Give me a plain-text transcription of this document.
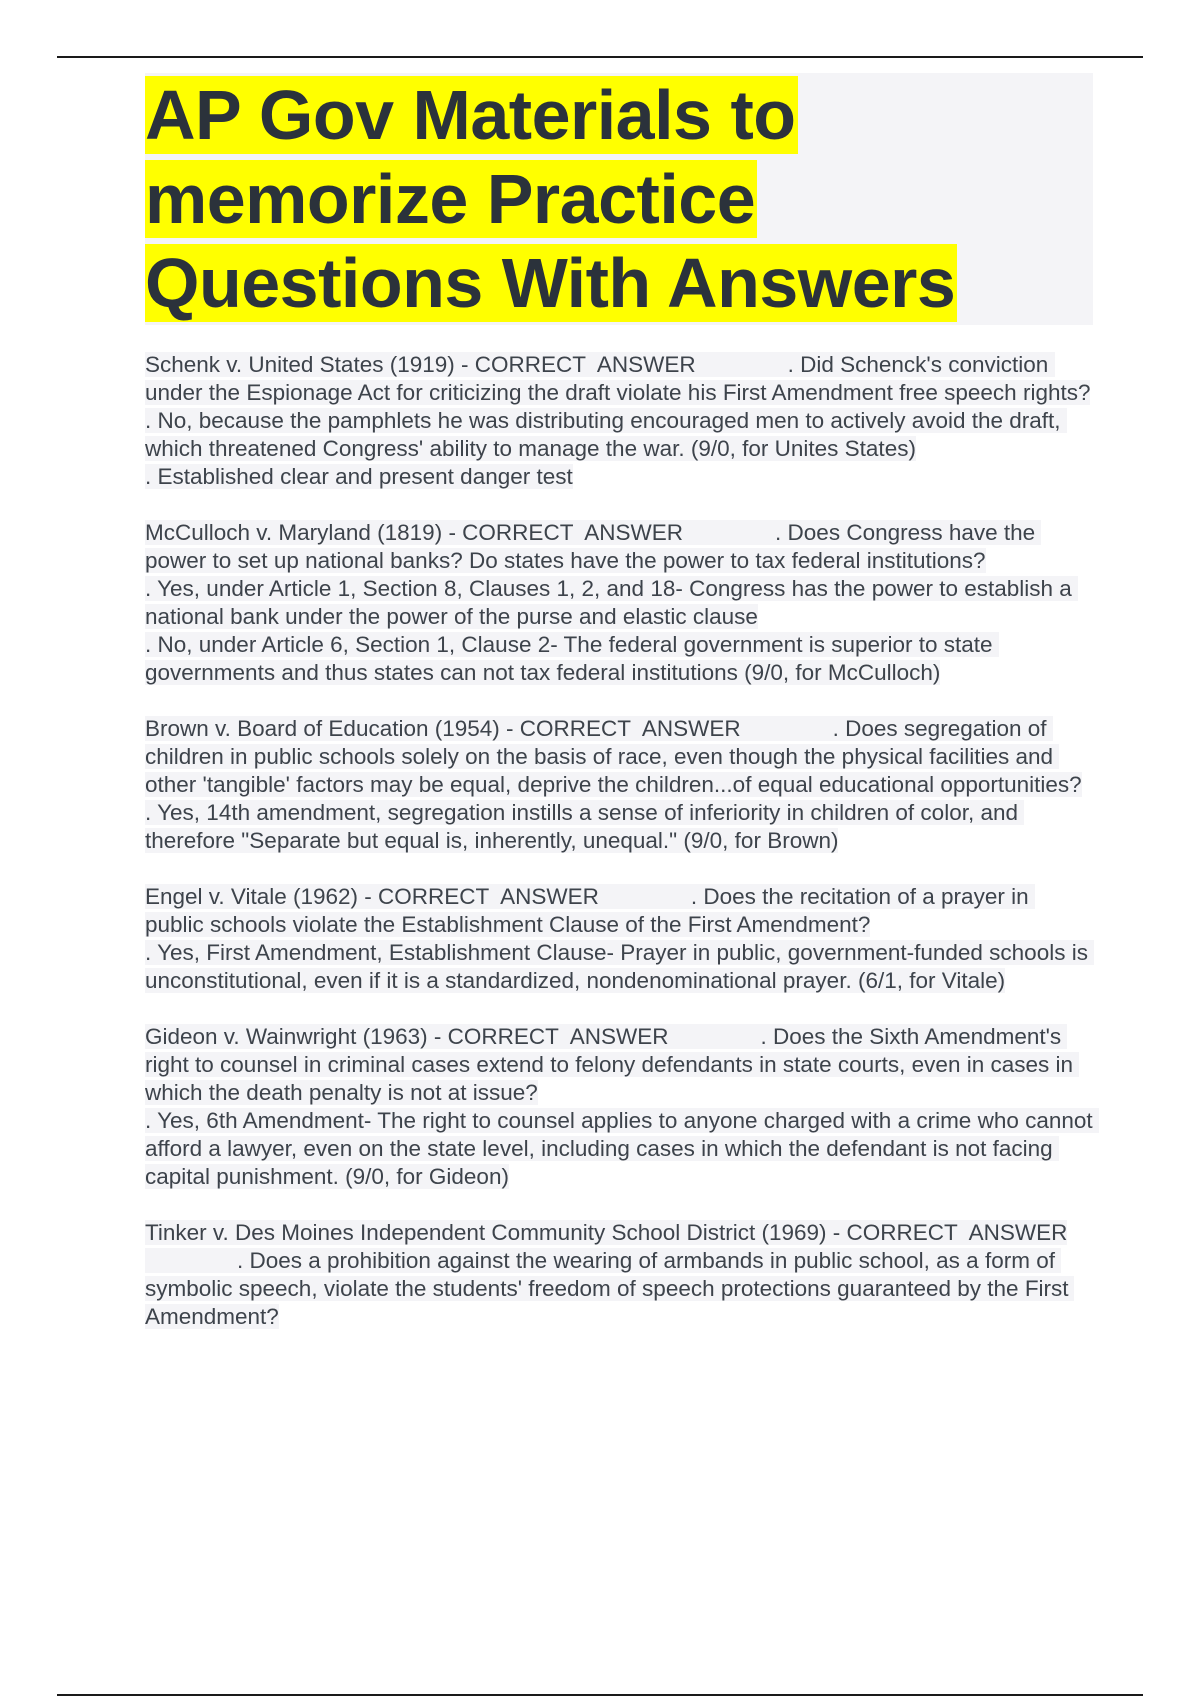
AP Gov Materials to memorize Practice Questions With Answers
Schenk v. United States (1919) - CORRECT  ANSWER	. Did Schenck's conviction under the Espionage Act for criticizing the draft violate his First Amendment free speech rights?
. No, because the pamphlets he was distributing encouraged men to actively avoid the draft, which threatened Congress' ability to manage the war. (9/0, for Unites States)
. Established clear and present danger test
McCulloch v. Maryland (1819) - CORRECT  ANSWER	. Does Congress have the power to set up national banks? Do states have the power to tax federal institutions?
. Yes, under Article 1, Section 8, Clauses 1, 2, and 18- Congress has the power to establish a national bank under the power of the purse and elastic clause
. No, under Article 6, Section 1, Clause 2- The federal government is superior to state governments and thus states can not tax federal institutions (9/0, for McCulloch)
Brown v. Board of Education (1954) - CORRECT  ANSWER	. Does segregation of children in public schools solely on the basis of race, even though the physical facilities and other 'tangible' factors may be equal, deprive the children...of equal educational opportunities?
. Yes, 14th amendment, segregation instills a sense of inferiority in children of color, and therefore "Separate but equal is, inherently, unequal." (9/0, for Brown)
Engel v. Vitale (1962) - CORRECT  ANSWER	. Does the recitation of a prayer in public schools violate the Establishment Clause of the First Amendment?
. Yes, First Amendment, Establishment Clause- Prayer in public, government-funded schools is unconstitutional, even if it is a standardized, nondenominational prayer. (6/1, for Vitale)
Gideon v. Wainwright (1963) - CORRECT  ANSWER	. Does the Sixth Amendment's right to counsel in criminal cases extend to felony defendants in state courts, even in cases in which the death penalty is not at issue?
. Yes, 6th Amendment- The right to counsel applies to anyone charged with a crime who cannot afford a lawyer, even on the state level, including cases in which the defendant is not facing capital punishment. (9/0, for Gideon)
Tinker v. Des Moines Independent Community School District (1969) - CORRECT  ANSWER. Does a prohibition against the wearing of armbands in public school, as a form of symbolic speech, violate the students' freedom of speech protections guaranteed by the First Amendment?
